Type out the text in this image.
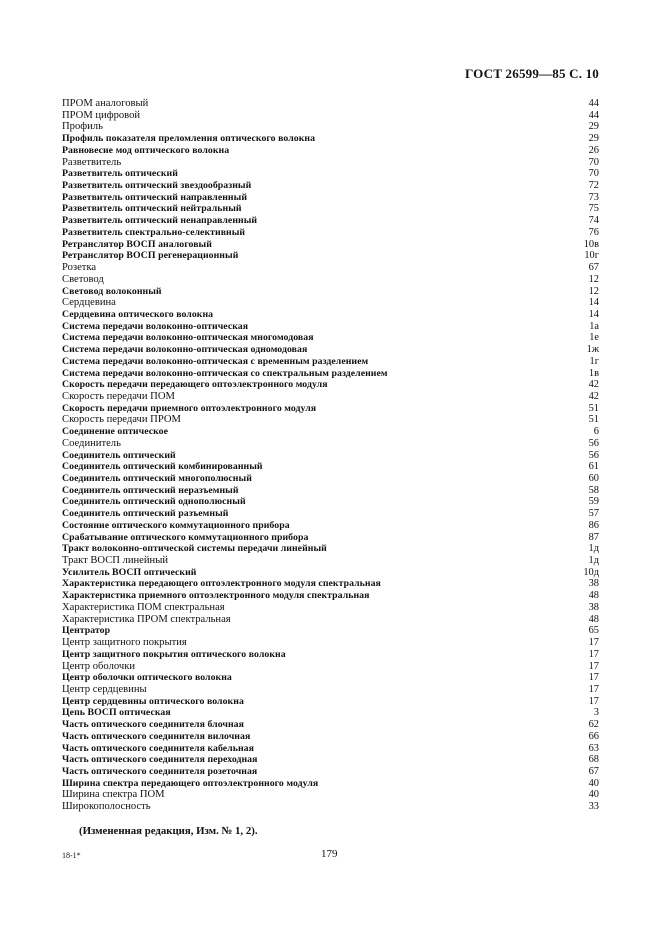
ГОСТ 26599—85 С. 10
ПРОМ аналоговый	44
ПРОМ цифровой	44
Профиль	29
Профиль показателя преломления оптического волокна	29
Равновесие мод оптического волокна	26
Разветвитель	70
Разветвитель оптический	70
Разветвитель оптический звездообразный	72
Разветвитель оптический направленный	73
Разветвитель оптический нейтральный	75
Разветвитель оптический ненаправленный	74
Разветвитель спектрально-селективный	76
Ретранслятор ВОСП аналоговый	10в
Ретранслятор ВОСП регенерационный	10г
Розетка	67
Световод	12
Световод волоконный	12
Сердцевина	14
Сердцевина оптического волокна	14
Система передачи волоконно-оптическая	1а
Система передачи волоконно-оптическая многомодовая	1е
Система передачи волоконно-оптическая одномодовая	1ж
Система передачи волоконно-оптическая с временным разделением	1г
Система передачи волоконно-оптическая со спектральным разделением	1в
Скорость передачи передающего оптоэлектронного модуля	42
Скорость передачи ПОМ	42
Скорость передачи приемного оптоэлектронного модуля	51
Скорость передачи ПРОМ	51
Соединение оптическое	6
Соединитель	56
Соединитель оптический	56
Соединитель оптический комбинированный	61
Соединитель оптический многополюсный	60
Соединитель оптический неразъемный	58
Соединитель оптический однополюсный	59
Соединитель оптический разъемный	57
Состояние оптического коммутационного прибора	86
Срабатывание оптического коммутационного прибора	87
Тракт волоконно-оптической системы передачи линейный	1д
Тракт ВОСП линейный	1д
Усилитель ВОСП оптический	10д
Характеристика передающего оптоэлектронного модуля спектральная	38
Характеристика приемного оптоэлектронного модуля спектральная	48
Характеристика ПОМ спектральная	38
Характеристика ПРОМ спектральная	48
Центратор	65
Центр защитного покрытия	17
Центр защитного покрытия оптического волокна	17
Центр оболочки	17
Центр оболочки оптического волокна	17
Центр сердцевины	17
Центр сердцевины оптического волокна	17
Цепь ВОСП оптическая	3
Часть оптического соединителя блочная	62
Часть оптического соединителя вилочная	66
Часть оптического соединителя кабельная	63
Часть оптического соединителя переходная	68
Часть оптического соединителя розеточная	67
Ширина спектра передающего оптоэлектронного модуля	40
Ширина спектра ПОМ	40
Широкополосность	33
(Измененная редакция, Изм. № 1, 2).
18-1*	179
